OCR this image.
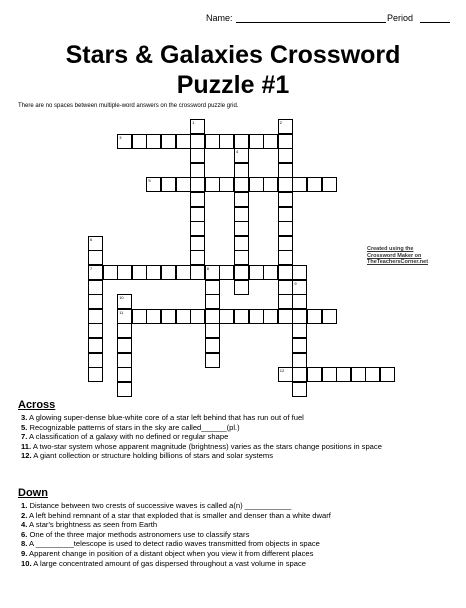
Name:	Period
Stars & Galaxies Crossword
Puzzle #1
There are no spaces between multiple-word answers on the crossword puzzle grid.
3
5
7	8
11
12
1	2
4
6
9
10
Created using the
Crossword Maker on
TheTeachersCorner.net
Across
3. A glowing super-dense blue-white core of a star left behind that has run out of fuel
5. Recognizable patterns of stars in the sky are called______(pl.)
7. A classification of a galaxy with no defined or regular shape
11. A two-star system whose apparent magnitude (brightness) varies as the stars change positions in space
12. A giant collection or structure holding billions of stars and solar systems
Down
1. Distance between two crests of successive waves is called a(n) ___________
2. A left behind remnant of a star that exploded that is smaller and denser than a white dwarf
4. A star's brightness as seen from Earth
6. One of the three major methods astronomers use to classify stars
8. A _________telescope is used to detect radio waves transmitted from objects in space
9. Apparent change in position of a distant object when you view it from different places
10. A large concentrated amount of gas dispersed throughout a vast volume in space
